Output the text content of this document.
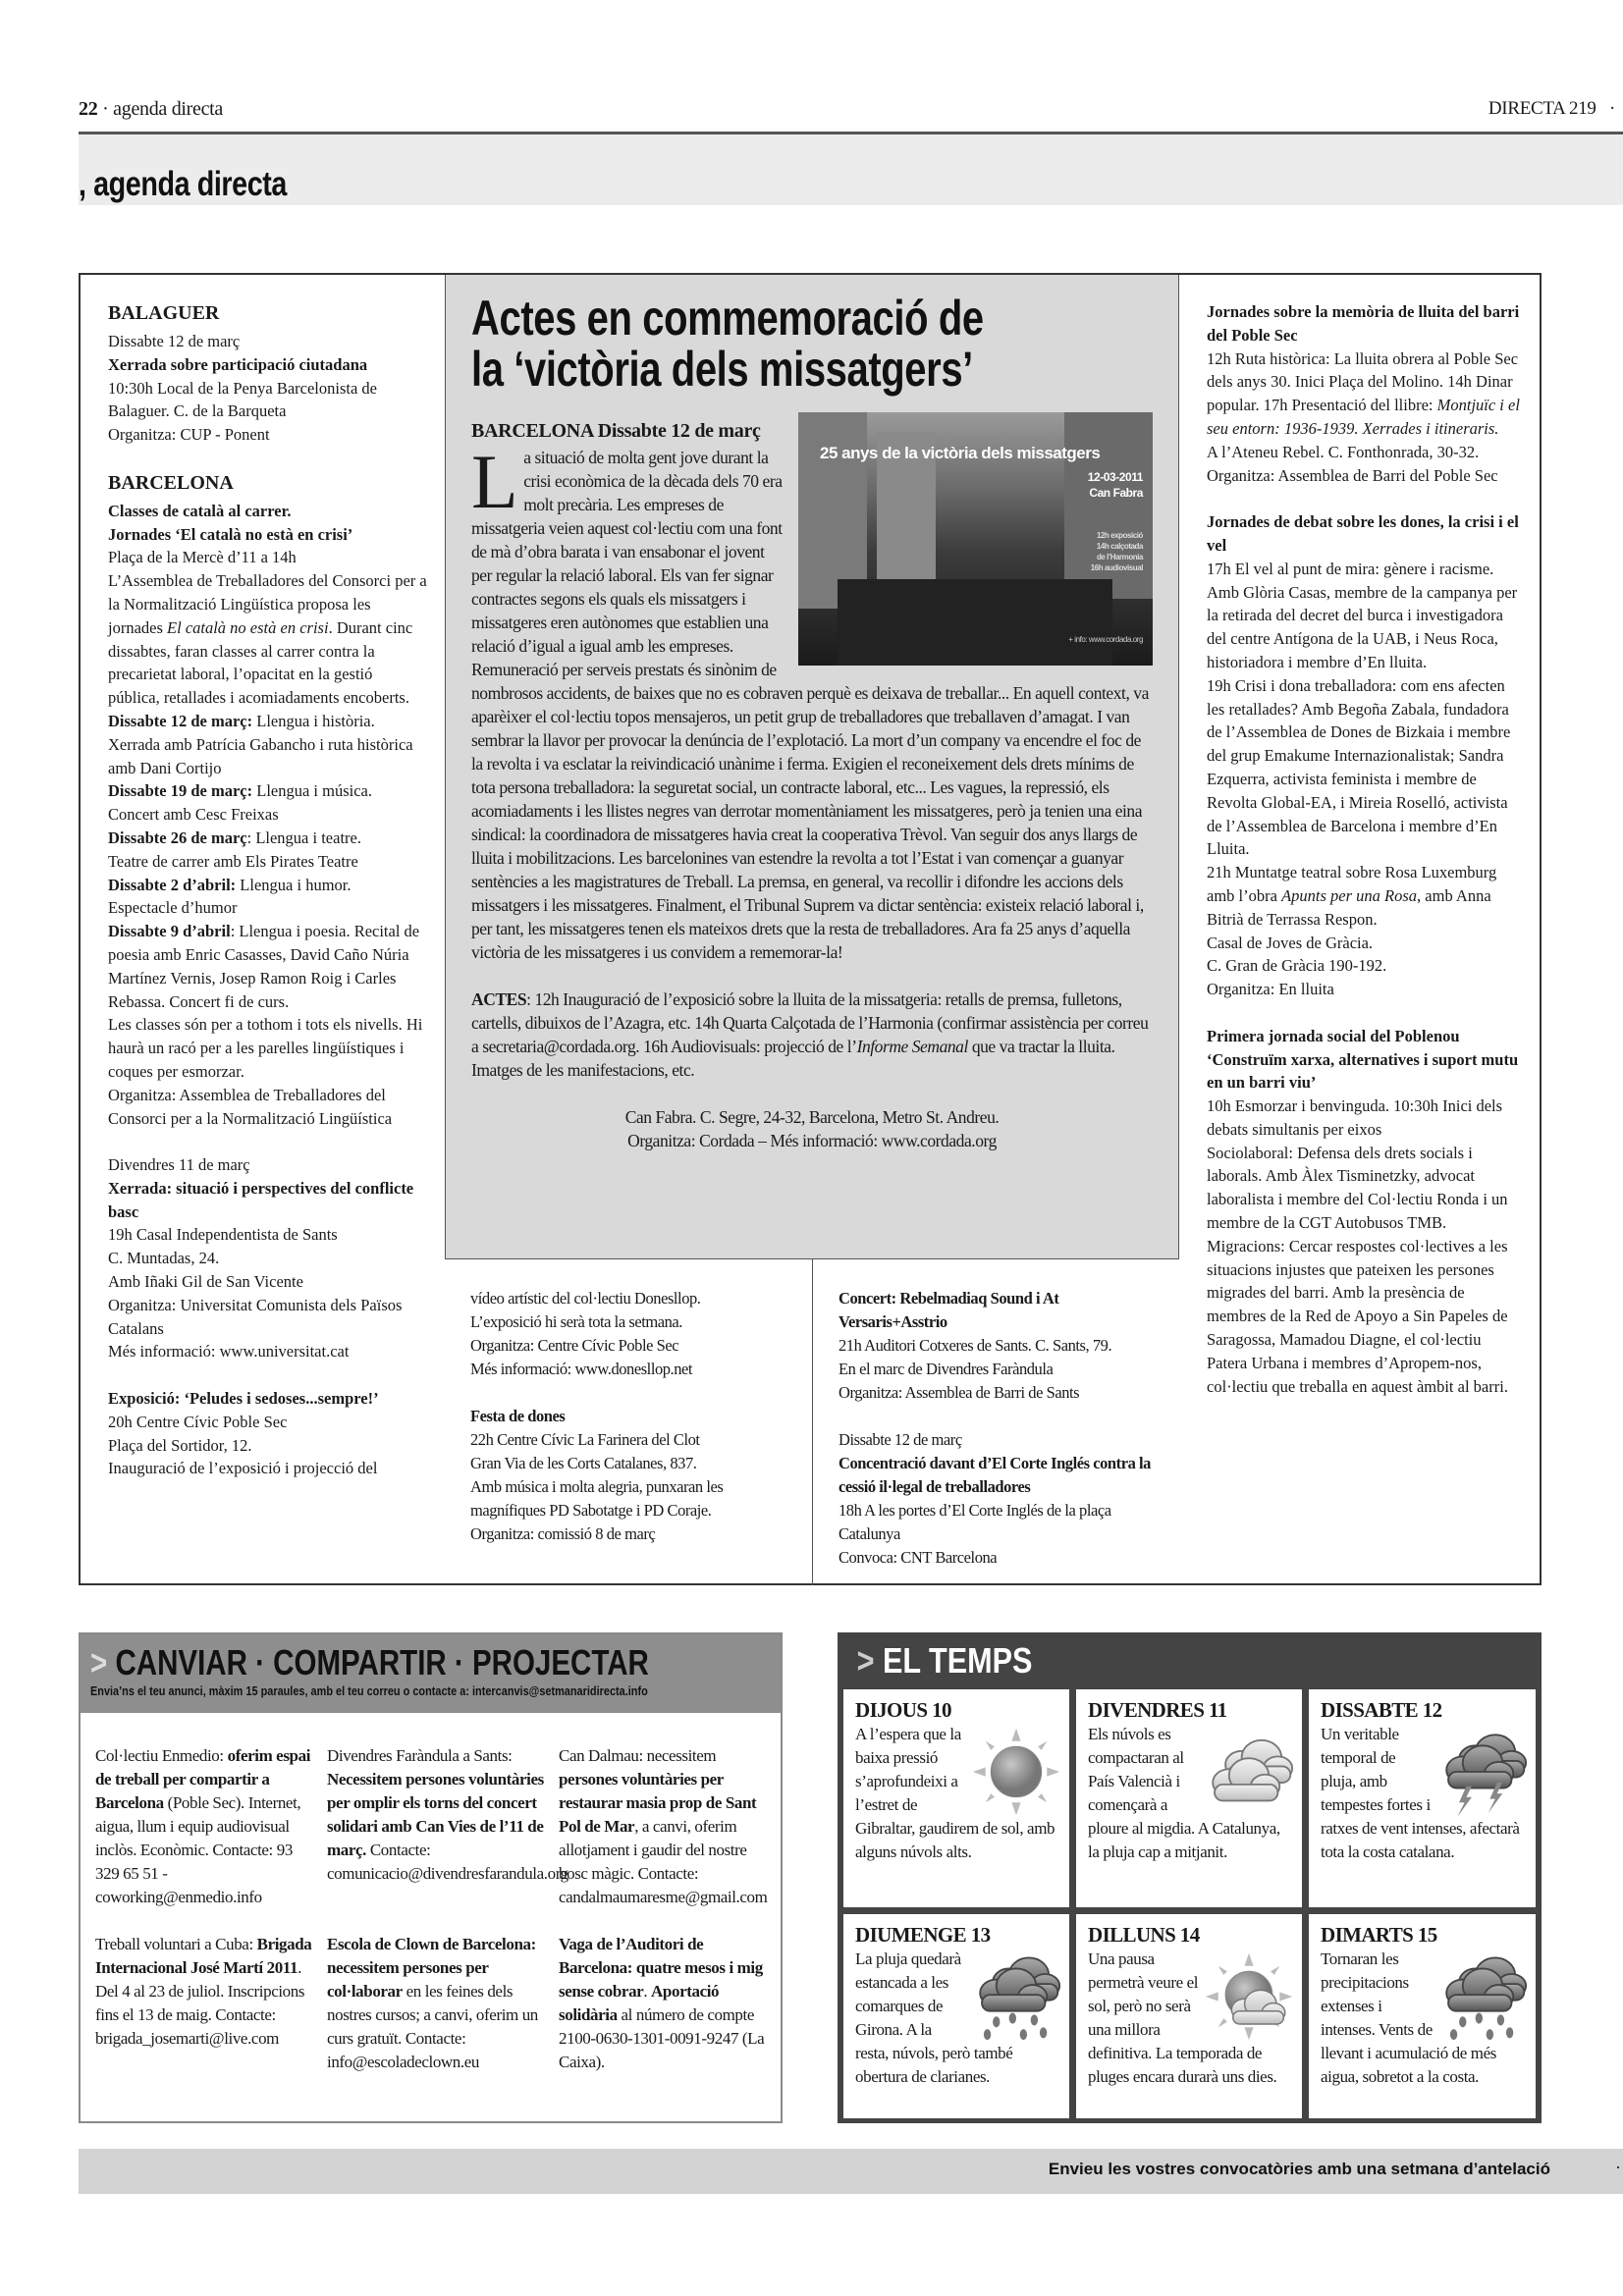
22 · agenda directa	DIRECTA 219 ·
, agenda directa
BALAGUER
Dissabte 12 de març
Xerrada sobre participació ciutadana
10:30h Local de la Penya Barcelonista de Balaguer. C. de la Barqueta
Organitza: CUP - Ponent
BARCELONA
Classes de català al carrer.
Jornades ‘El català no està en crisi’
Plaça de la Mercè d’11 a 14h
L’Assemblea de Treballadores del Consorci per a la Normalització Lingüística proposa les jornades El català no està en crisi. Durant cinc dissabtes, faran classes al carrer contra la precarietat laboral, l’opacitat en la gestió pública, retallades i acomiadaments encoberts.
Dissabte 12 de març: Llengua i història. Xerrada amb Patrícia Gabancho i ruta històrica amb Dani Cortijo
Dissabte 19 de març: Llengua i música.
Concert amb Cesc Freixas
Dissabte 26 de març: Llengua i teatre.
Teatre de carrer amb Els Pirates Teatre
Dissabte 2 d’abril: Llengua i humor.
Espectacle d’humor
Dissabte 9 d’abril: Llengua i poesia. Recital de poesia amb Enric Casasses, David Caño Núria Martínez Vernis, Josep Ramon Roig i Carles Rebassa. Concert fi de curs.
Les classes són per a tothom i tots els nivells. Hi haurà un racó per a les parelles lingüístiques i coques per esmorzar.
Organitza: Assemblea de Treballadores del Consorci per a la Normalització Lingüística
Divendres 11 de març
Xerrada: situació i perspectives del conflicte basc
19h Casal Independentista de Sants
C. Muntadas, 24.
Amb Iñaki Gil de San Vicente
Organitza: Universitat Comunista dels Països Catalans
Més informació: www.universitat.cat
Exposició: ‘Peludes i sedoses...sempre!’
20h Centre Cívic Poble Sec
Plaça del Sortidor, 12.
Inauguració de l’exposició i projecció del
Actes en commemoració de
la ‘victòria dels missatgers’
25 anys de la victòria dels missatgers
12-03-2011
Can Fabra
12h exposició
14h calçotada
de l’Harmonia
16h audiovisual
+ info: www.cordada.org
BARCELONA Dissabte 12 de març

La situació de molta gent jove durant la crisi econòmica de la dècada dels 70 era molt precària. Les empreses de missatgeria veien aquest col·lectiu com una font de mà d’obra barata i van ensabonar el jovent per regular la relació laboral. Els van fer signar contractes segons els quals els missatgers i missatgeres eren autònomes que establien una relació d’igual a igual amb les empreses. Remuneració per serveis prestats és sinònim de nombrosos accidents, de baixes que no es cobraven perquè es deixava de treballar... En aquell context, va aparèixer el col·lectiu topos mensajeros, un petit grup de treballadores que treballaven d’amagat. I van sembrar la llavor per provocar la denúncia de l’explotació. La mort d’un company va encendre el foc de la revolta i va esclatar la reivindicació unànime i ferma. Exigien el reconeixement dels drets mínims de tota persona treballadora: la seguretat social, un contracte laboral, etc... Les vagues, la repressió, els acomiadaments i les llistes negres van derrotar momentàniament les missatgeres, però ja tenien una eina sindical: la coordinadora de missatgeres havia creat la cooperativa Trèvol. Van seguir dos anys llargs de lluita i mobilitzacions. Les barcelonines van estendre la revolta a tot l’Estat i van començar a guanyar sentències a les magistratures de Treball. La premsa, en general, va recollir i difondre les accions dels missatgers i les missatgeres. Finalment, el Tribunal Suprem va dictar sentència: existeix relació laboral i, per tant, les missatgeres tenen els mateixos drets que la resta de treballadores. Ara fa 25 anys d’aquella victòria de les missatgeres i us convidem a rememorar-la!

ACTES: 12h Inauguració de l’exposició sobre la lluita de la missatgeria: retalls de premsa, fulletons, cartells, dibuixos de l’Azagra, etc. 14h Quarta Calçotada de l’Harmonia (confirmar assistència per correu a secretaria@cordada.org. 16h Audiovisuals: projecció de l’Informe Semanal que va tractar la lluita. Imatges de les manifestacions, etc.

Can Fabra. C. Segre, 24-32, Barcelona, Metro St. Andreu.
Organitza: Cordada – Més informació: www.cordada.org
vídeo artístic del col·lectiu Donesllop.
L’exposició hi serà tota la setmana.
Organitza: Centre Cívic Poble Sec
Més informació: www.donesllop.net
Festa de dones
22h Centre Cívic La Farinera del Clot
Gran Via de les Corts Catalanes, 837.
Amb música i molta alegria, punxaran les magnífiques PD Sabotatge i PD Coraje.
Organitza: comissió 8 de març
Concert: Rebelmadiaq Sound i At Versaris+Asstrio
21h Auditori Cotxeres de Sants. C. Sants, 79.
En el marc de Divendres Faràndula
Organitza: Assemblea de Barri de Sants
Dissabte 12 de març
Concentració davant d’El Corte Inglés contra la cessió il·legal de treballadores
18h A les portes d’El Corte Inglés de la plaça Catalunya
Convoca: CNT Barcelona
Jornades sobre la memòria de lluita del barri del Poble Sec
12h Ruta històrica: La lluita obrera al Poble Sec dels anys 30. Inici Plaça del Molino. 14h Dinar popular. 17h Presentació del llibre: Montjuïc i el seu entorn: 1936-1939. Xerrades i itineraris.
A l’Ateneu Rebel. C. Fonthonrada, 30-32.
Organitza: Assemblea de Barri del Poble Sec
Jornades de debat sobre les dones, la crisi i el vel
17h El vel al punt de mira: gènere i racisme. Amb Glòria Casas, membre de la campanya per la retirada del decret del burca i investigadora del centre Antígona de la UAB, i Neus Roca, historiadora i membre d’En lluita.
19h Crisi i dona treballadora: com ens afecten les retallades? Amb Begoña Zabala, fundadora de l’Assemblea de Dones de Bizkaia i membre del grup Emakume Internazionalistak; Sandra Ezquerra, activista feminista i membre de Revolta Global-EA, i Mireia Roselló, activista de l’Assemblea de Barcelona i membre d’En Lluita.
21h Muntatge teatral sobre Rosa Luxemburg amb l’obra Apunts per una Rosa, amb Anna Bitrià de Terrassa Respon.
Casal de Joves de Gràcia.
C. Gran de Gràcia 190-192.
Organitza: En lluita
Primera jornada social del Poblenou ‘Construïm xarxa, alternatives i suport mutu en un barri viu’
10h Esmorzar i benvinguda. 10:30h Inici dels debats simultanis per eixos
Sociolaboral: Defensa dels drets socials i laborals. Amb Àlex Tisminetzky, advocat laboralista i membre del Col·lectiu Ronda i un membre de la CGT Autobusos TMB.
Migracions: Cercar respostes col·lectives a les situacions injustes que pateixen les persones migrades del barri. Amb la presència de membres de la Red de Apoyo a Sin Papeles de Saragossa, Mamadou Diagne, el col·lectiu Patera Urbana i membres d’Apropem-nos, col·lectiu que treballa en aquest àmbit al barri.
> CANVIAR · COMPARTIR · PROJECTAR
Envia’ns el teu anunci, màxim 15 paraules, amb el teu correu o contacte a: intercanvis@setmanaridirecta.info
Col·lectiu Enmedio: oferim espai de treball per compartir a Barcelona (Poble Sec). Internet, aigua, llum i equip audiovisual inclòs. Econòmic. Contacte: 93 329 65 51 - coworking@enmedio.info
Divendres Faràndula a Sants: Necessitem persones voluntàries per omplir els torns del concert solidari amb Can Vies de l’11 de març. Contacte: comunicacio@divendresfarandula.org
Can Dalmau: necessitem persones voluntàries per restaurar masia prop de Sant Pol de Mar, a canvi, oferim allotjament i gaudir del nostre bosc màgic. Contacte: candalmaumaresme@gmail.com
Treball voluntari a Cuba: Brigada Internacional José Martí 2011. Del 4 al 23 de juliol. Inscripcions fins el 13 de maig. Contacte: brigada_josemarti@live.com
Escola de Clown de Barcelona: necessitem persones per col·laborar en les feines dels nostres cursos; a canvi, oferim un curs gratuït. Contacte: info@escoladeclown.eu
Vaga de l’Auditori de Barcelona: quatre mesos i mig sense cobrar. Aportació solidària al número de compte 2100-0630-1301-0091-9247 (La Caixa).
> EL TEMPS
DIJOUS 10
A l’espera que la baixa pressió s’aprofundeixi a l’estret de Gibraltar, gaudirem de sol, amb alguns núvols alts.
DIVENDRES 11
Els núvols es compactaran al País Valencià i començarà a ploure al migdia. A Catalunya, la pluja cap a mitjanit.
DISSABTE 12
Un veritable temporal de pluja, amb tempestes fortes i ratxes de vent intenses, afectarà tota la costa catalana.
DIUMENGE 13
La pluja quedarà estancada a les comarques de Girona. A la resta, núvols, però també obertura de clarianes.
DILLUNS 14
Una pausa permetrà veure el sol, però no serà una millora definitiva. La temporada de pluges encara durarà uns dies.
DIMARTS 15
Tornaran les precipitacions extenses i intenses. Vents de llevant i acumulació de més aigua, sobretot a la costa.
Envieu les vostres convocatòries amb una setmana d’antelació	·
